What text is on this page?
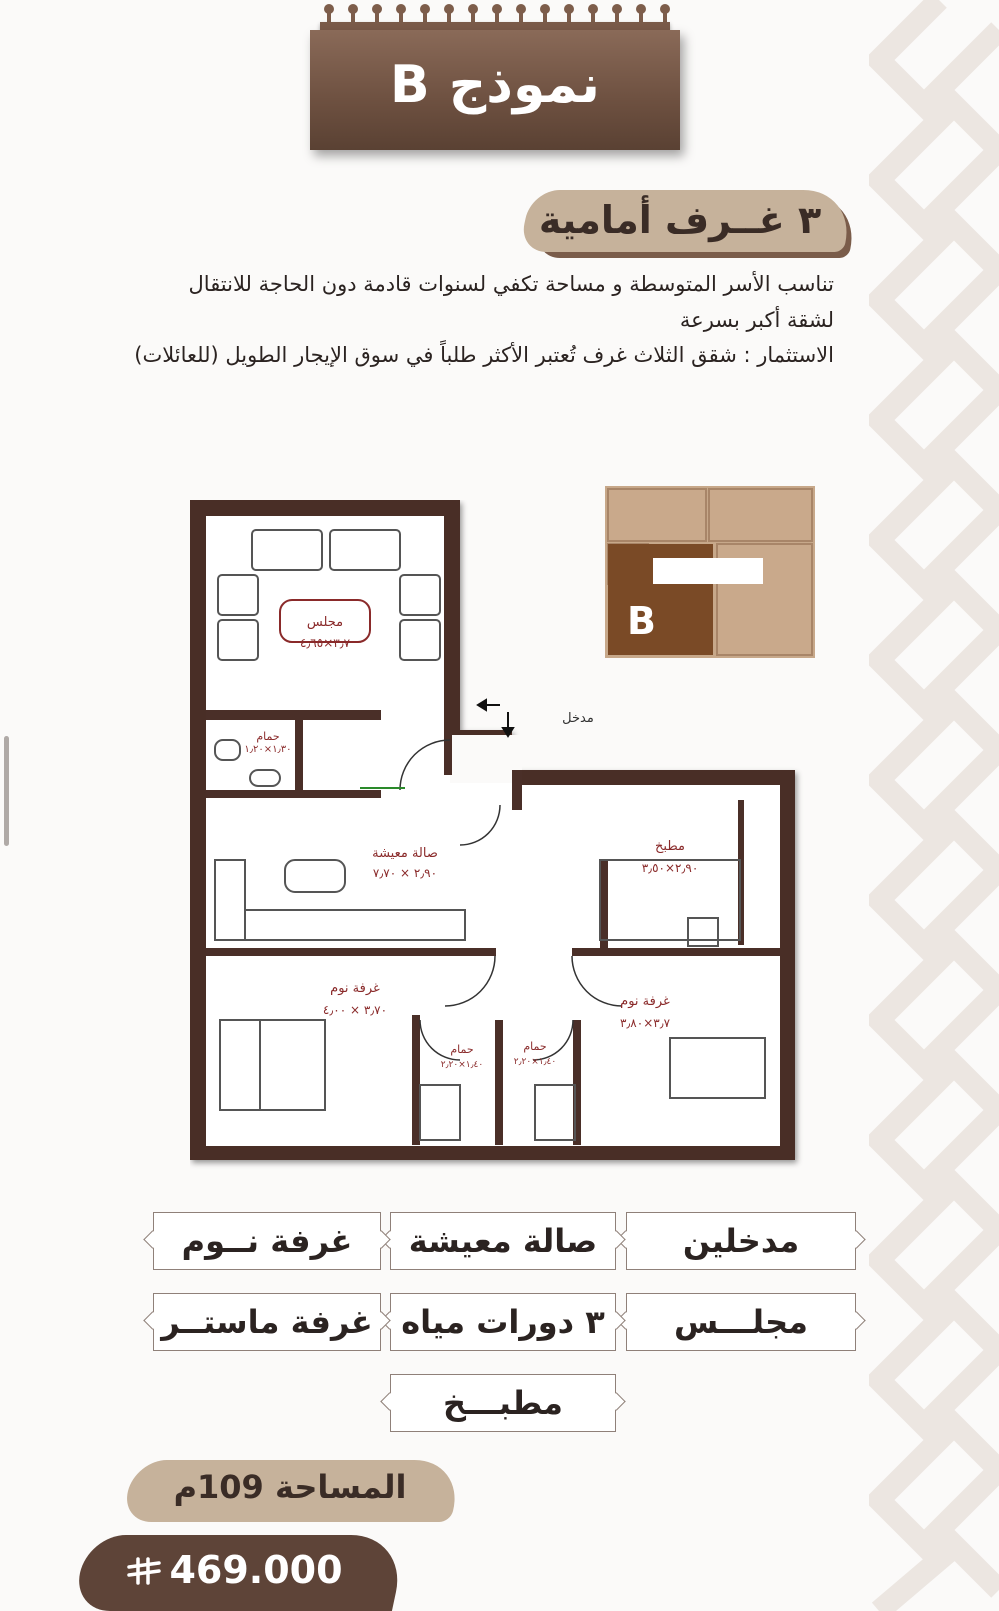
نموذج B
٣ غــرف أمامية
تناسب الأسر المتوسطة و مساحة تكفي لسنوات قادمة دون الحاجة للانتقال
لشقة أكبر بسرعة
الاستثمار : شقق الثلاث غرف تُعتبر الأكثر طلباً في سوق الإيجار الطويل (للعائلات)
B
مجلس
٣٫٧×٤٫٦٥
حمام
١٫٣٠×١٫٢٠
صالة معيشة
٢٫٩٠ × ٧٫٧٠
مطبخ
٢٫٩٠×٣٫٥٠
غرفة نوم
٣٫٧٠ × ٤٫٠٠
غرفة نوم
٣٫٧×٣٫٨٠
حمام
١٫٤٠×٢٫٢٠
حمام
١٫٤٠×٢٫٢٠
مدخل
مدخلين
صالة معيشة
غرفة نــوم
مجلـــس
٣ دورات مياه
غرفة ماستــر
مطبـــخ
المساحة 109م
469.000
